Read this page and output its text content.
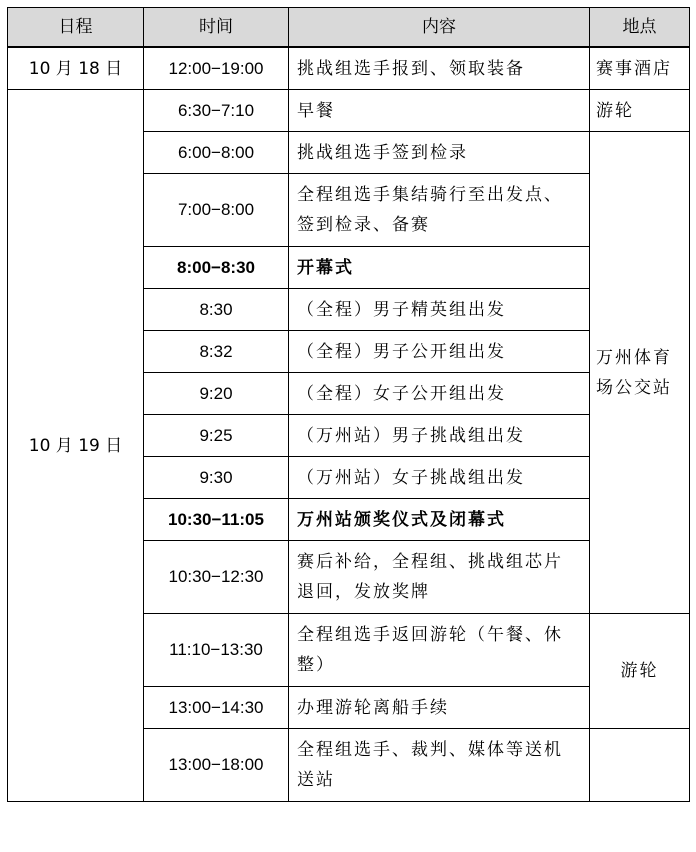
日程	时间	内容	地点
10 月 18 日	12:00−19:00	挑战组选手报到、领取装备	赛事酒店
10 月 19 日	6:30−7:10	早餐	游轮
	6:00−8:00	挑战组选手签到检录	万州体育场公交站
	7:00−8:00	全程组选手集结骑行至出发点、签到检录、备赛	
	8:00−8:30	开幕式	
	8:30	（全程）男子精英组出发	
	8:32	（全程）男子公开组出发	
	9:20	（全程）女子公开组出发	
	9:25	（万州站）男子挑战组出发	
	9:30	（万州站）女子挑战组出发	
	10:30−11:05	万州站颁奖仪式及闭幕式	
	10:30−12:30	赛后补给，全程组、挑战组芯片退回，发放奖牌	
	11:10−13:30	全程组选手返回游轮（午餐、休整）	游轮
	13:00−14:30	办理游轮离船手续	
	13:00−18:00	全程组选手、裁判、媒体等送机送站	
